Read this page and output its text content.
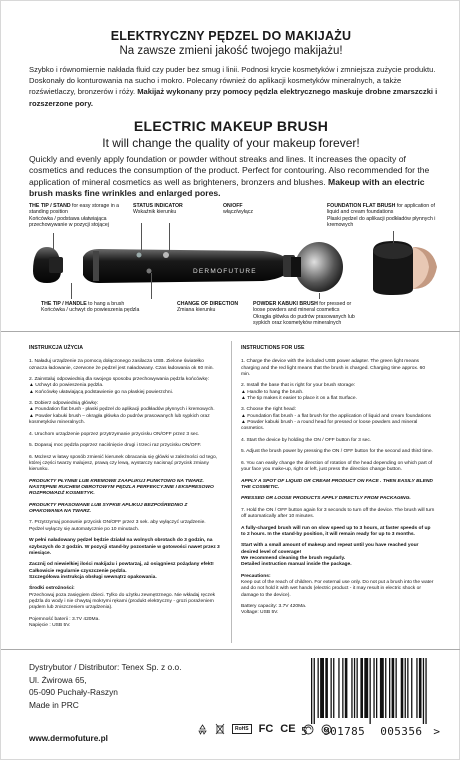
ELEKTRYCZNY PĘDZEL DO MAKIJAŻU
Na zawsze zmieni jakość twojego makijażu!
Szybko i równomiernie nakłada fluid czy puder bez smug i linii. Podnosi krycie kosmetyków i zmniejsza zużycie produktu. Doskonały do konturowania na sucho i mokro. Polecany również do aplikacji kosmetyków mineralnych, a także rozświetlaczy, bronzerów i róży. Makijaż wykonany przy pomocy pędzla elektrycznego maskuje drobne zmarszczki i rozszerzone pory.
ELECTRIC MAKEUP BRUSH
It will change the quality of your makeup forever!
Quickly and evenly apply foundation or powder without streaks and lines. It increases the opacity of cosmetics and reduces the consumption of the product. Perfect for contouring. Also recommended for the application of mineral cosmetics as well as brighteners, bronzers and blushes. Makeup with an electric brush masks fine wrinkles and enlarged pores.
DERMOFUTURE
THE TIP / STAND for easy storage in a standing position
Końcówka / podstawa ułatwiająca przechowywanie w pozycji stojącej
STATUS INDICATOR
Wskaźnik kierunku
ON/OFF
włącz/wyłącz
FOUNDATION FLAT BRUSH for application of liquid and cream foundations
Płaski pędzel do aplikacji podkładów płynnych i kremowych
THE TIP / HANDLE to hang a brush
Końcówka / uchwyt do powieszenia pędzla
CHANGE OF DIRECTION
Zmiana kierunku
POWDER KABUKI BRUSH for pressed or loose powders and mineral cosmetics
Okrągła główka do pudrów prasowanych lub sypkich oraz kosmetyków mineralnych

INSTRUKCJA UŻYCIA

1. Naładuj urządzenie za pomocą dołączonego zasilacza USB. Zielone światełko oznacza ładowanie, czerwone że pędzel jest naładowany. Czas ładowania ok 60 min.

2. Zainstaluj odpowiednią dla swojego sposobu przechowywania pędzla końcówkę:
▲ Uchwyt do powieszenia pędzla.
▲ Końcówkę ułatwiającą podstawienie go na płaskiej powierzchni.

3. Dobierz odpowiednią główkę:
▲ Foundation flat brush - płaski pędzel do aplikacji podkładów płynnych i kremowych.
▲ Powder kabuki brush – okrągła główka do pudrów prasowanych lub sypkich oraz kosmetyków mineralnych.

4. Uruchom urządzenie poprzez przytrzymanie przycisku ON/OFF przez 3 sec.

5. Dopasuj moc pędzla poprzez naciśnięcie drugi i trzeci raz przycisku ON/OFF.

6. Możesz w łatwy sposób zmienić kierunek obracania się główki w zależności od tego, której części twarzy malujesz, prawą czy lewą, wystarczy nacisnąć przycisk zmiany kierunku.

PRODUKTY PŁYNNE LUB KREMOWE ZAAPLIKUJ PUNKTOWO NA TWARZ. NASTĘPNIE RUCHEM OBROTOWYM PĘDZLA PERFEKCYJNIE I EKSPRESOWO ROZPROWADŹ KOSMETYK.

PRODUKTY PRASOWANE LUB SYPKIE APLIKUJ BEZPOŚREDNIO Z OPAKOWANIA NA TWARZ.

7. Przytrzymaj ponownie przycisk ON/OFF przez 3 sek. aby wyłączyć urządzenie. Pędzel wyłączy się automatycznie po 10 minutach.

W pełni naładowany pędzel będzie działał na wolnych obrotach do 3 godzin, na szybszych do 2 godzin. W pozycji stand-by pozostanie w gotowości nawet przez 3 miesiące.

Zacznij od niewielkiej ilości makijażu i powtarzaj, aż osiągniesz pożądany efekt! Całkowicie regularnie czyszczenie pędzla.
Szczegółowa instrukcja obsługi wewnątrz opakowania.

Środki ostrożności:

Przechowuj poza zasięgiem dzieci. Tylko do użytku zewnętrznego. Nie wkładaj ręczek pędzla do wody i nie chwytaj mokrymi rękami (produkt elektryczny - grozi porażeniem prądem lub zniszczeniem urządzenia).

Pojemność baterii : 3.7V 420Ma.
Napięcie : USB 5V.

INSTRUCTIONS FOR USE

1. Charge the device with the included USB power adapter. The green light means charging and the red light means that the brush is charged. Charging time approx. 60 min.

2. Install the base that is right for your brush storage:
▲ Handle to hang the brush.
▲ The tip makes it easier to place it on a flat Surface.

3. Choose the right head:
▲ Foundation flat brush - a flat brush for the application of liquid and cream foundations
▲ Powder kabuki brush - a round head for pressed or loose powders and mineral cosmetics.

4. Start the device by holding the ON / OFF button for 3 sec.

5. Adjust the brush power by pressing the ON / OFF button for the second and third time.

6. You can easily change the direction of rotation of the head depending on which part of your face you make-up, right or left, just press the direction change button.

APPLY A SPOT OF LIQUID OR CREAM PRODUCT ON FACE . THEN EASILY BLEND THE COSMETIC.

PRESSED OR LOOSE PRODUCTS APPLY DIRECTLY FROM PACKAGING.

7. Hold the ON / OFF button again for 3 seconds to turn off the device. The brush will turn off automatically after 10 minutes.

A fully-charged brush will run on slow speed up to 3 hours, at faster speeds of up to 2 hours. In the stand-by position, it will remain ready for up to 3 months.

Start with a small amount of makeup and repeat until you have reached your desired level of coverage!
We recommend cleaning the brush regularly.
Detailed instruction manual inside the package.

Precautions:

Keep out of the reach of children. For external use only. Do not put a brush into the water and do not hold it with wet hands (electric product - it may result in electric shock or damage to the device).

Battery capacity: 3.7V 420Ma.
Voltage: USB 5V.

Dystrybutor / Distributor: Tenex Sp. z o.o.
Ul. Żwirowa 65,
05-090 Puchały-Raszyn
Made in PRC
www.dermofuture.pl
RoHS FC CE 5 901785 005356 >
